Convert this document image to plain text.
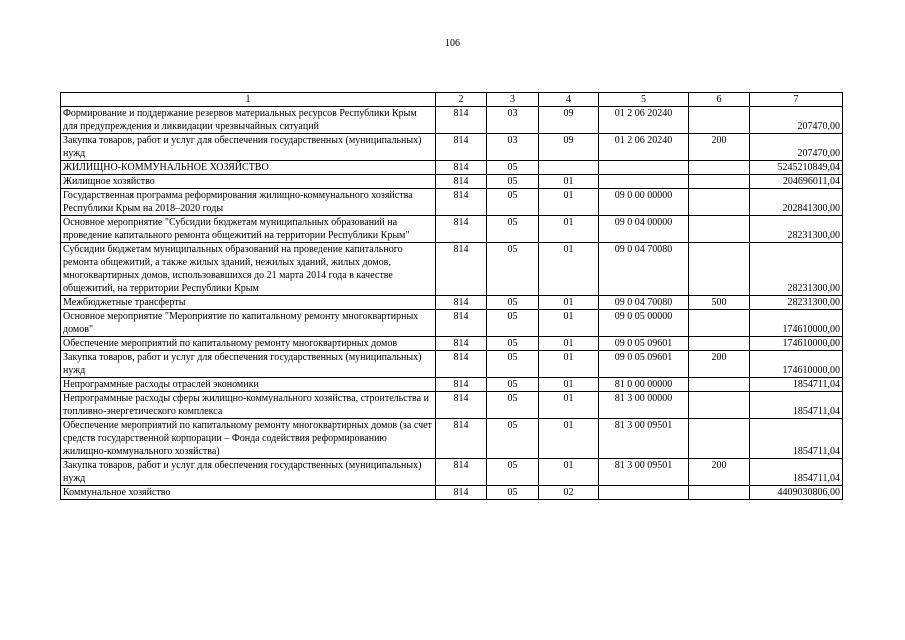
106
1	2	3	4	5	6	7
Формирование и поддержание резервов материальных ресурсов Республики Крым для предупреждения и ликвидации чрезвычайных ситуаций	814	03	09	01 2 06 20240		207470,00
Закупка товаров, работ и услуг для обеспечения государственных (муниципальных) нужд	814	03	09	01 2 06 20240	200	207470,00
ЖИЛИЩНО-КОММУНАЛЬНОЕ ХОЗЯЙСТВО	814	05				5245210849,04
Жилищное хозяйство	814	05	01			204696011,04
Государственная программа реформирования жилищно-коммунального хозяйства Республики Крым на 2018–2020 годы	814	05	01	09 0 00 00000		202841300,00
Основное мероприятие "Субсидии бюджетам муниципальных образований на проведение капитального ремонта общежитий на территории Республики Крым"	814	05	01	09 0 04 00000		28231300,00
Субсидии бюджетам муниципальных образований на проведение капитального ремонта общежитий, а также жилых зданий, нежилых зданий, жилых домов, многоквартирных домов, использовавшихся до 21 марта 2014 года в качестве общежитий, на территории Республики Крым	814	05	01	09 0 04 70080		28231300,00
Межбюджетные трансферты	814	05	01	09 0 04 70080	500	28231300,00
Основное мероприятие "Мероприятие по капитальному ремонту многоквартирных домов"	814	05	01	09 0 05 00000		174610000,00
Обеспечение мероприятий по капитальному ремонту многоквартирных домов	814	05	01	09 0 05 09601		174610000,00
Закупка товаров, работ и услуг для обеспечения государственных (муниципальных) нужд	814	05	01	09 0 05 09601	200	174610000,00
Непрограммные расходы отраслей экономики	814	05	01	81 0 00 00000		1854711,04
Непрограммные расходы сферы жилищно-коммунального хозяйства, строительства и топливно-энергетического комплекса	814	05	01	81 3 00 00000		1854711,04
Обеспечение мероприятий по капитальному ремонту многоквартирных домов (за счет средств государственной корпорации – Фонда содействия реформированию жилищно-коммунального хозяйства)	814	05	01	81 3 00 09501		1854711,04
Закупка товаров, работ и услуг для обеспечения государственных (муниципальных) нужд	814	05	01	81 3 00 09501	200	1854711,04
Коммунальное хозяйство	814	05	02			4409030806,00
